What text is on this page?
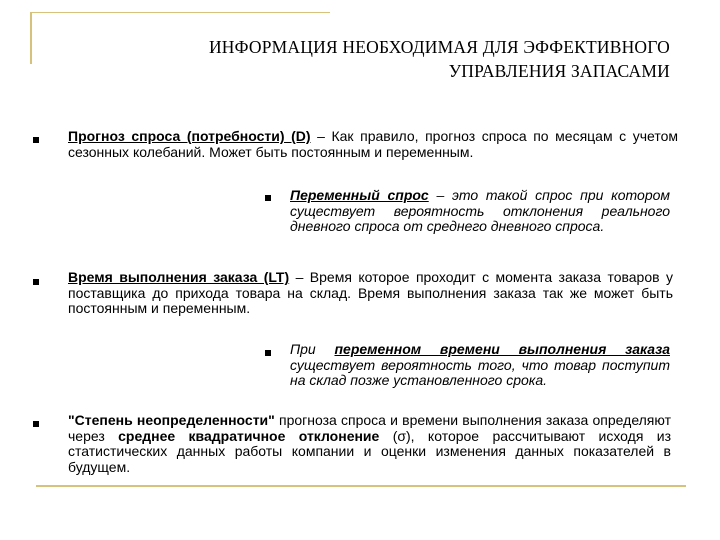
ИНФОРМАЦИЯ НЕОБХОДИМАЯ ДЛЯ ЭФФЕКТИВНОГО
УПРАВЛЕНИЯ ЗАПАСАМИ
Прогноз спроса (потребности) (D) – Как правило, прогноз спроса по месяцам с учетом сезонных колебаний. Может быть постоянным и переменным.
Переменный спрос – это такой спрос при котором существует вероятность отклонения реального дневного спроса от среднего дневного спроса.
Время выполнения заказа (LT) – Время которое проходит с момента заказа товаров у поставщика до прихода товара на склад. Время выполнения заказа так же может быть постоянным и переменным.
При переменном времени выполнения заказа существует вероятность того, что товар поступит на склад позже установленного срока.
"Степень неопределенности" прогноза спроса и времени выполнения заказа определяют через среднее квадратичное отклонение (σ), которое рассчитывают исходя из статистических данных работы компании и оценки изменения данных показателей в будущем.
